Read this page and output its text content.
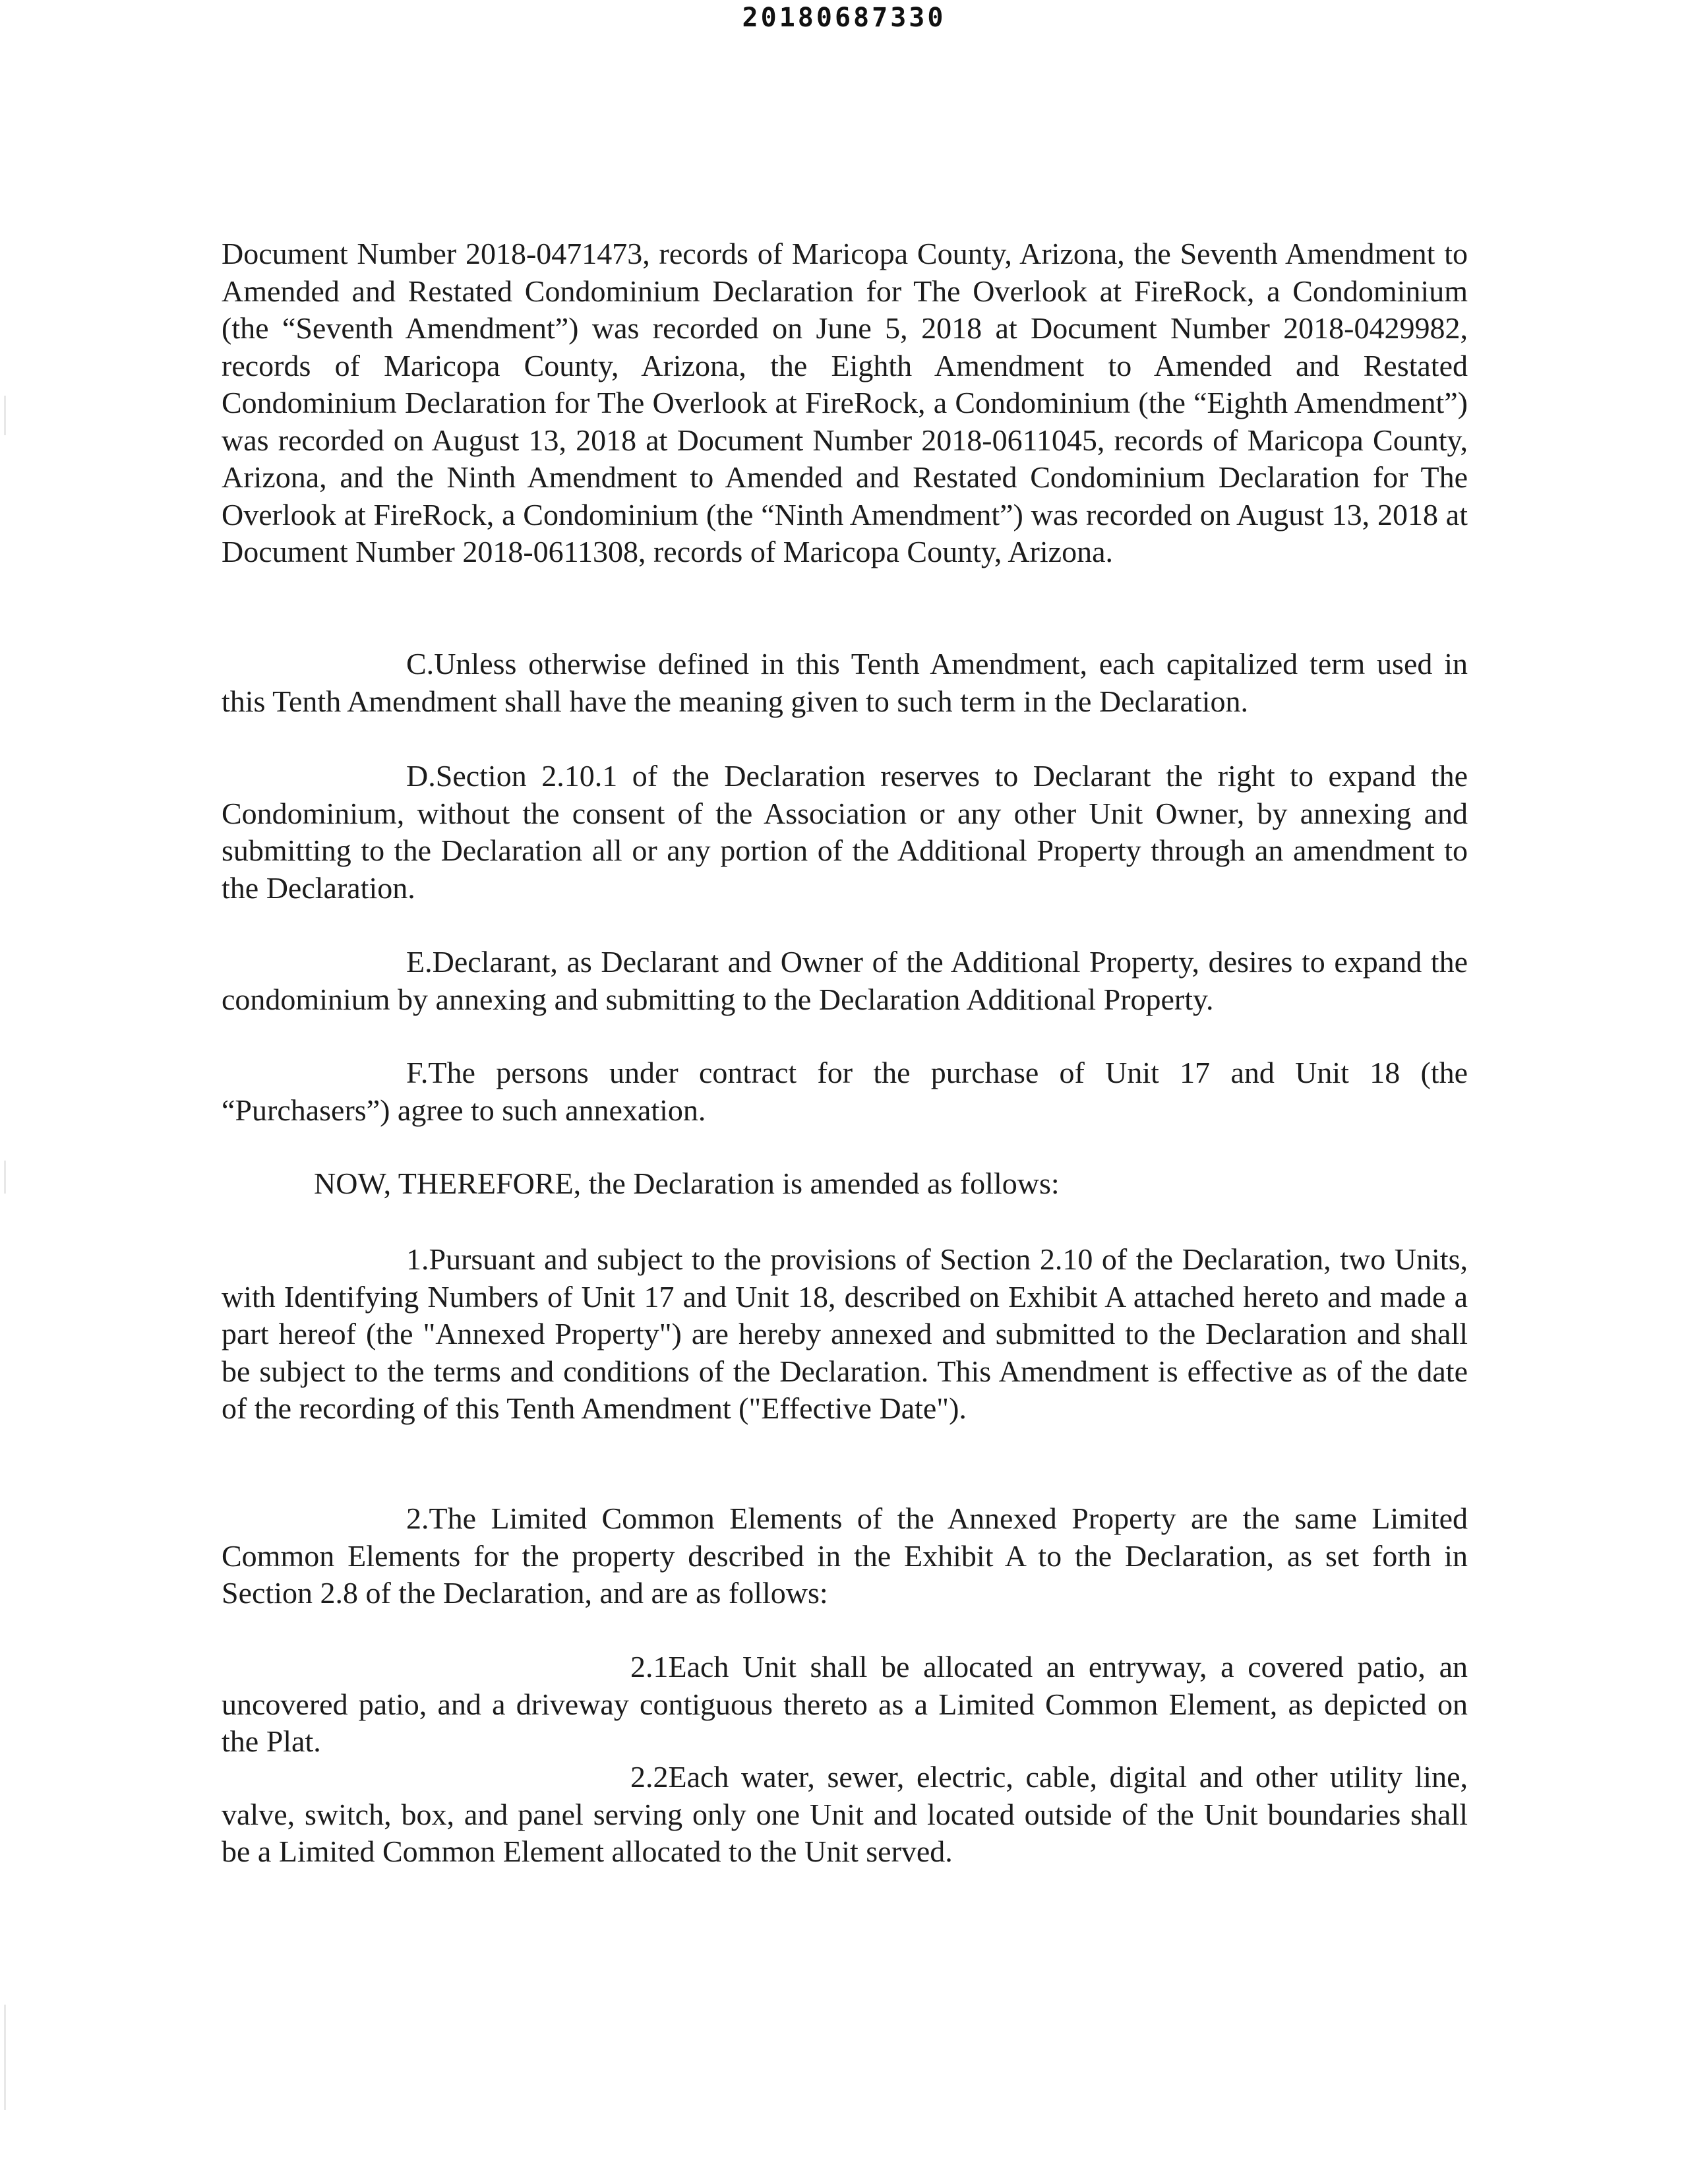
20180687330

Document Number 2018-0471473, records of Maricopa County, Arizona, the Seventh Amendment to Amended and Restated Condominium Declaration for The Overlook at FireRock, a Condominium (the “Seventh Amendment”) was recorded on June 5, 2018 at Document Number 2018-0429982, records of Maricopa County, Arizona, the Eighth Amendment to Amended and Restated Condominium Declaration for The Overlook at FireRock, a Condominium (the “Eighth Amendment”) was recorded on August 13, 2018 at Document Number 2018-0611045, records of Maricopa County, Arizona, and the Ninth Amendment to Amended and Restated Condominium Declaration for The Overlook at FireRock, a Condominium (the “Ninth Amendment”) was recorded on August 13, 2018 at Document Number 2018-0611308, records of Maricopa County, Arizona.

C.Unless otherwise defined in this Tenth Amendment, each capitalized term used in this Tenth Amendment shall have the meaning given to such term in the Declaration.

D.Section 2.10.1 of the Declaration reserves to Declarant the right to expand the Condominium, without the consent of the Association or any other Unit Owner, by annexing and submitting to the Declaration all or any portion of the Additional Property through an amendment to the Declaration.

E.Declarant, as Declarant and Owner of the Additional Property, desires to expand the condominium by annexing and submitting to the Declaration Additional Property.

F.The persons under contract for the purchase of Unit 17 and Unit 18 (the “Purchasers”) agree to such annexation.

NOW, THEREFORE, the Declaration is amended as follows:

1.Pursuant and subject to the provisions of Section 2.10 of the Declaration, two Units, with Identifying Numbers of Unit 17 and Unit 18, described on Exhibit A attached hereto and made a part hereof (the "Annexed Property") are hereby annexed and submitted to the Declaration and shall be subject to the terms and conditions of the Declaration. This Amendment is effective as of the date of the recording of this Tenth Amendment ("Effective Date").

2.The Limited Common Elements of the Annexed Property are the same Limited Common Elements for the property described in the Exhibit A to the Declaration, as set forth in Section 2.8 of the Declaration, and are as follows:

2.1Each Unit shall be allocated an entryway, a covered patio, an uncovered patio, and a driveway contiguous thereto as a Limited Common Element, as depicted on the Plat.

2.2Each water, sewer, electric, cable, digital and other utility line, valve, switch, box, and panel serving only one Unit and located outside of the Unit boundaries shall be a Limited Common Element allocated to the Unit served.
